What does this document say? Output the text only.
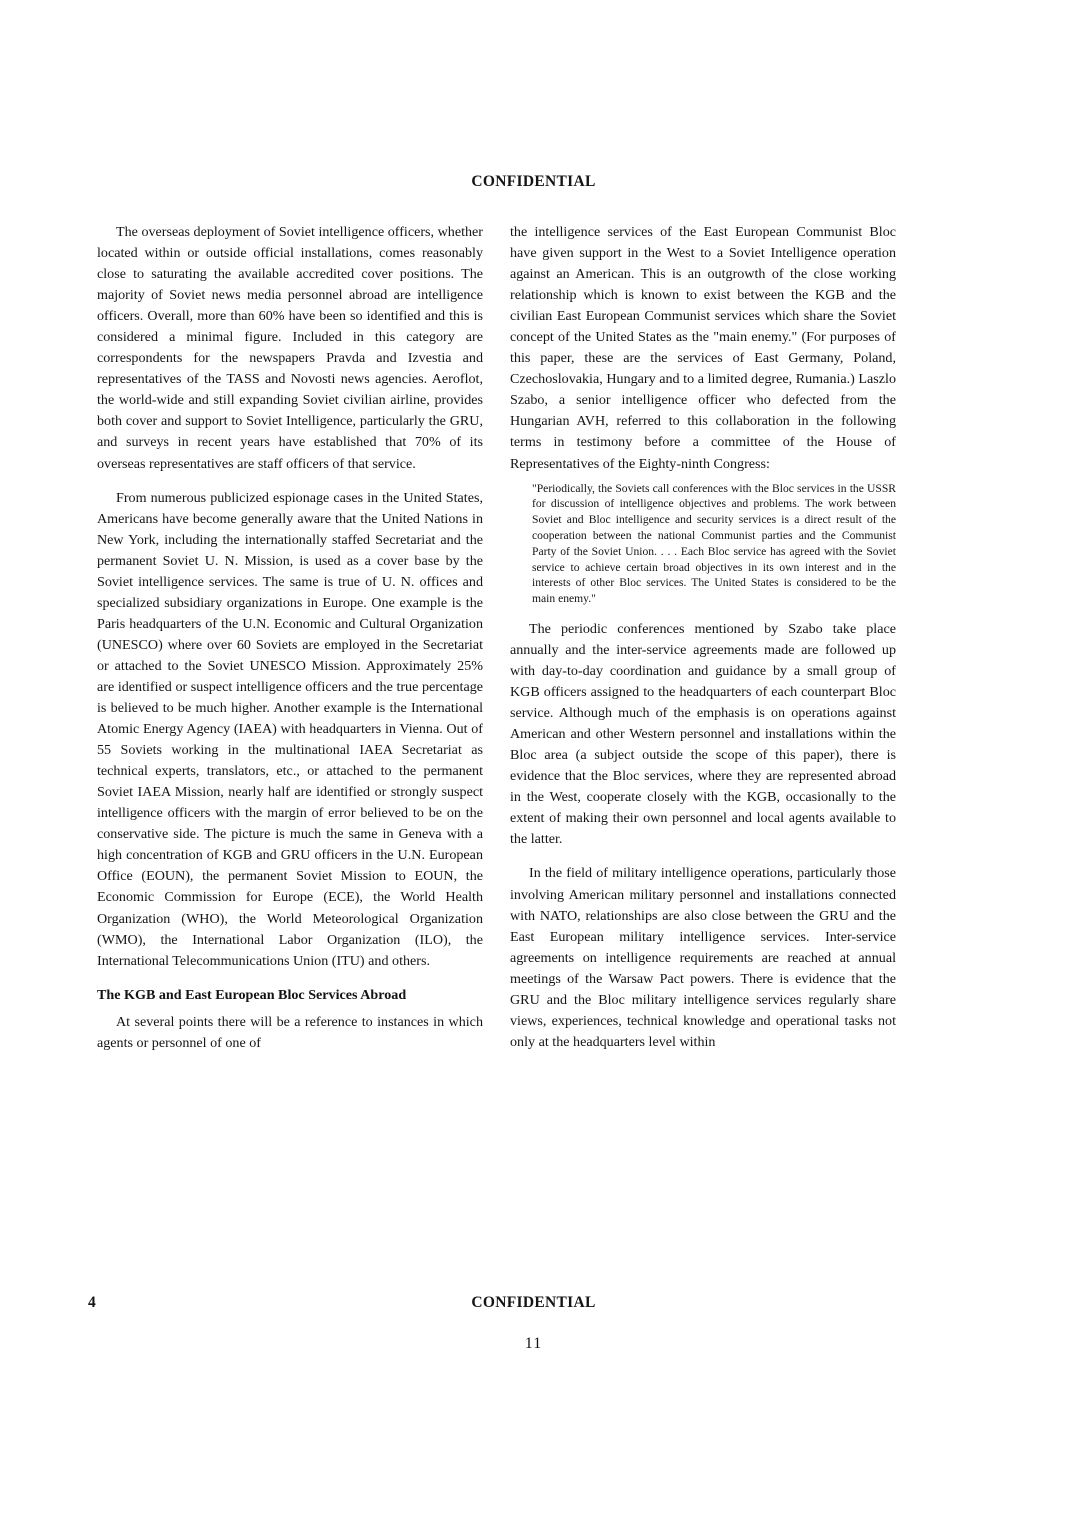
CONFIDENTIAL

The overseas deployment of Soviet intelligence officers, whether located within or outside official installations, comes reasonably close to saturating the available accredited cover positions. The majority of Soviet news media personnel abroad are intelligence officers. Overall, more than 60% have been so identified and this is considered a minimal figure. Included in this category are correspondents for the newspapers Pravda and Izvestia and representatives of the TASS and Novosti news agencies. Aeroflot, the world-wide and still expanding Soviet civilian airline, provides both cover and support to Soviet Intelligence, particularly the GRU, and surveys in recent years have established that 70% of its overseas representatives are staff officers of that service.

From numerous publicized espionage cases in the United States, Americans have become generally aware that the United Nations in New York, including the internationally staffed Secretariat and the permanent Soviet U. N. Mission, is used as a cover base by the Soviet intelligence services. The same is true of U. N. offices and specialized subsidiary organizations in Europe. One example is the Paris headquarters of the U.N. Economic and Cultural Organization (UNESCO) where over 60 Soviets are employed in the Secretariat or attached to the Soviet UNESCO Mission. Approximately 25% are identified or suspect intelligence officers and the true percentage is believed to be much higher. Another example is the International Atomic Energy Agency (IAEA) with headquarters in Vienna. Out of 55 Soviets working in the multinational IAEA Secretariat as technical experts, translators, etc., or attached to the permanent Soviet IAEA Mission, nearly half are identified or strongly suspect intelligence officers with the margin of error believed to be on the conservative side. The picture is much the same in Geneva with a high concentration of KGB and GRU officers in the U.N. European Office (EOUN), the permanent Soviet Mission to EOUN, the Economic Commission for Europe (ECE), the World Health Organization (WHO), the World Meteorological Organization (WMO), the International Labor Organization (ILO), the International Telecommunications Union (ITU) and others.

The KGB and East European Bloc Services Abroad

At several points there will be a reference to instances in which agents or personnel of one of

the intelligence services of the East European Communist Bloc have given support in the West to a Soviet Intelligence operation against an American. This is an outgrowth of the close working relationship which is known to exist between the KGB and the civilian East European Communist services which share the Soviet concept of the United States as the "main enemy." (For purposes of this paper, these are the services of East Germany, Poland, Czechoslovakia, Hungary and to a limited degree, Rumania.) Laszlo Szabo, a senior intelligence officer who defected from the Hungarian AVH, referred to this collaboration in the following terms in testimony before a committee of the House of Representatives of the Eighty-ninth Congress:

"Periodically, the Soviets call conferences with the Bloc services in the USSR for discussion of intelligence objectives and problems. The work between Soviet and Bloc intelligence and security services is a direct result of the cooperation between the national Communist parties and the Communist Party of the Soviet Union. . . . Each Bloc service has agreed with the Soviet service to achieve certain broad objectives in its own interest and in the interests of other Bloc services. The United States is considered to be the main enemy."

The periodic conferences mentioned by Szabo take place annually and the inter-service agreements made are followed up with day-to-day coordination and guidance by a small group of KGB officers assigned to the headquarters of each counterpart Bloc service. Although much of the emphasis is on operations against American and other Western personnel and installations within the Bloc area (a subject outside the scope of this paper), there is evidence that the Bloc services, where they are represented abroad in the West, cooperate closely with the KGB, occasionally to the extent of making their own personnel and local agents available to the latter.

In the field of military intelligence operations, particularly those involving American military personnel and installations connected with NATO, relationships are also close between the GRU and the East European military intelligence services. Inter-service agreements on intelligence requirements are reached at annual meetings of the Warsaw Pact powers. There is evidence that the GRU and the Bloc military intelligence services regularly share views, experiences, technical knowledge and operational tasks not only at the headquarters level within

4	CONFIDENTIAL
11
